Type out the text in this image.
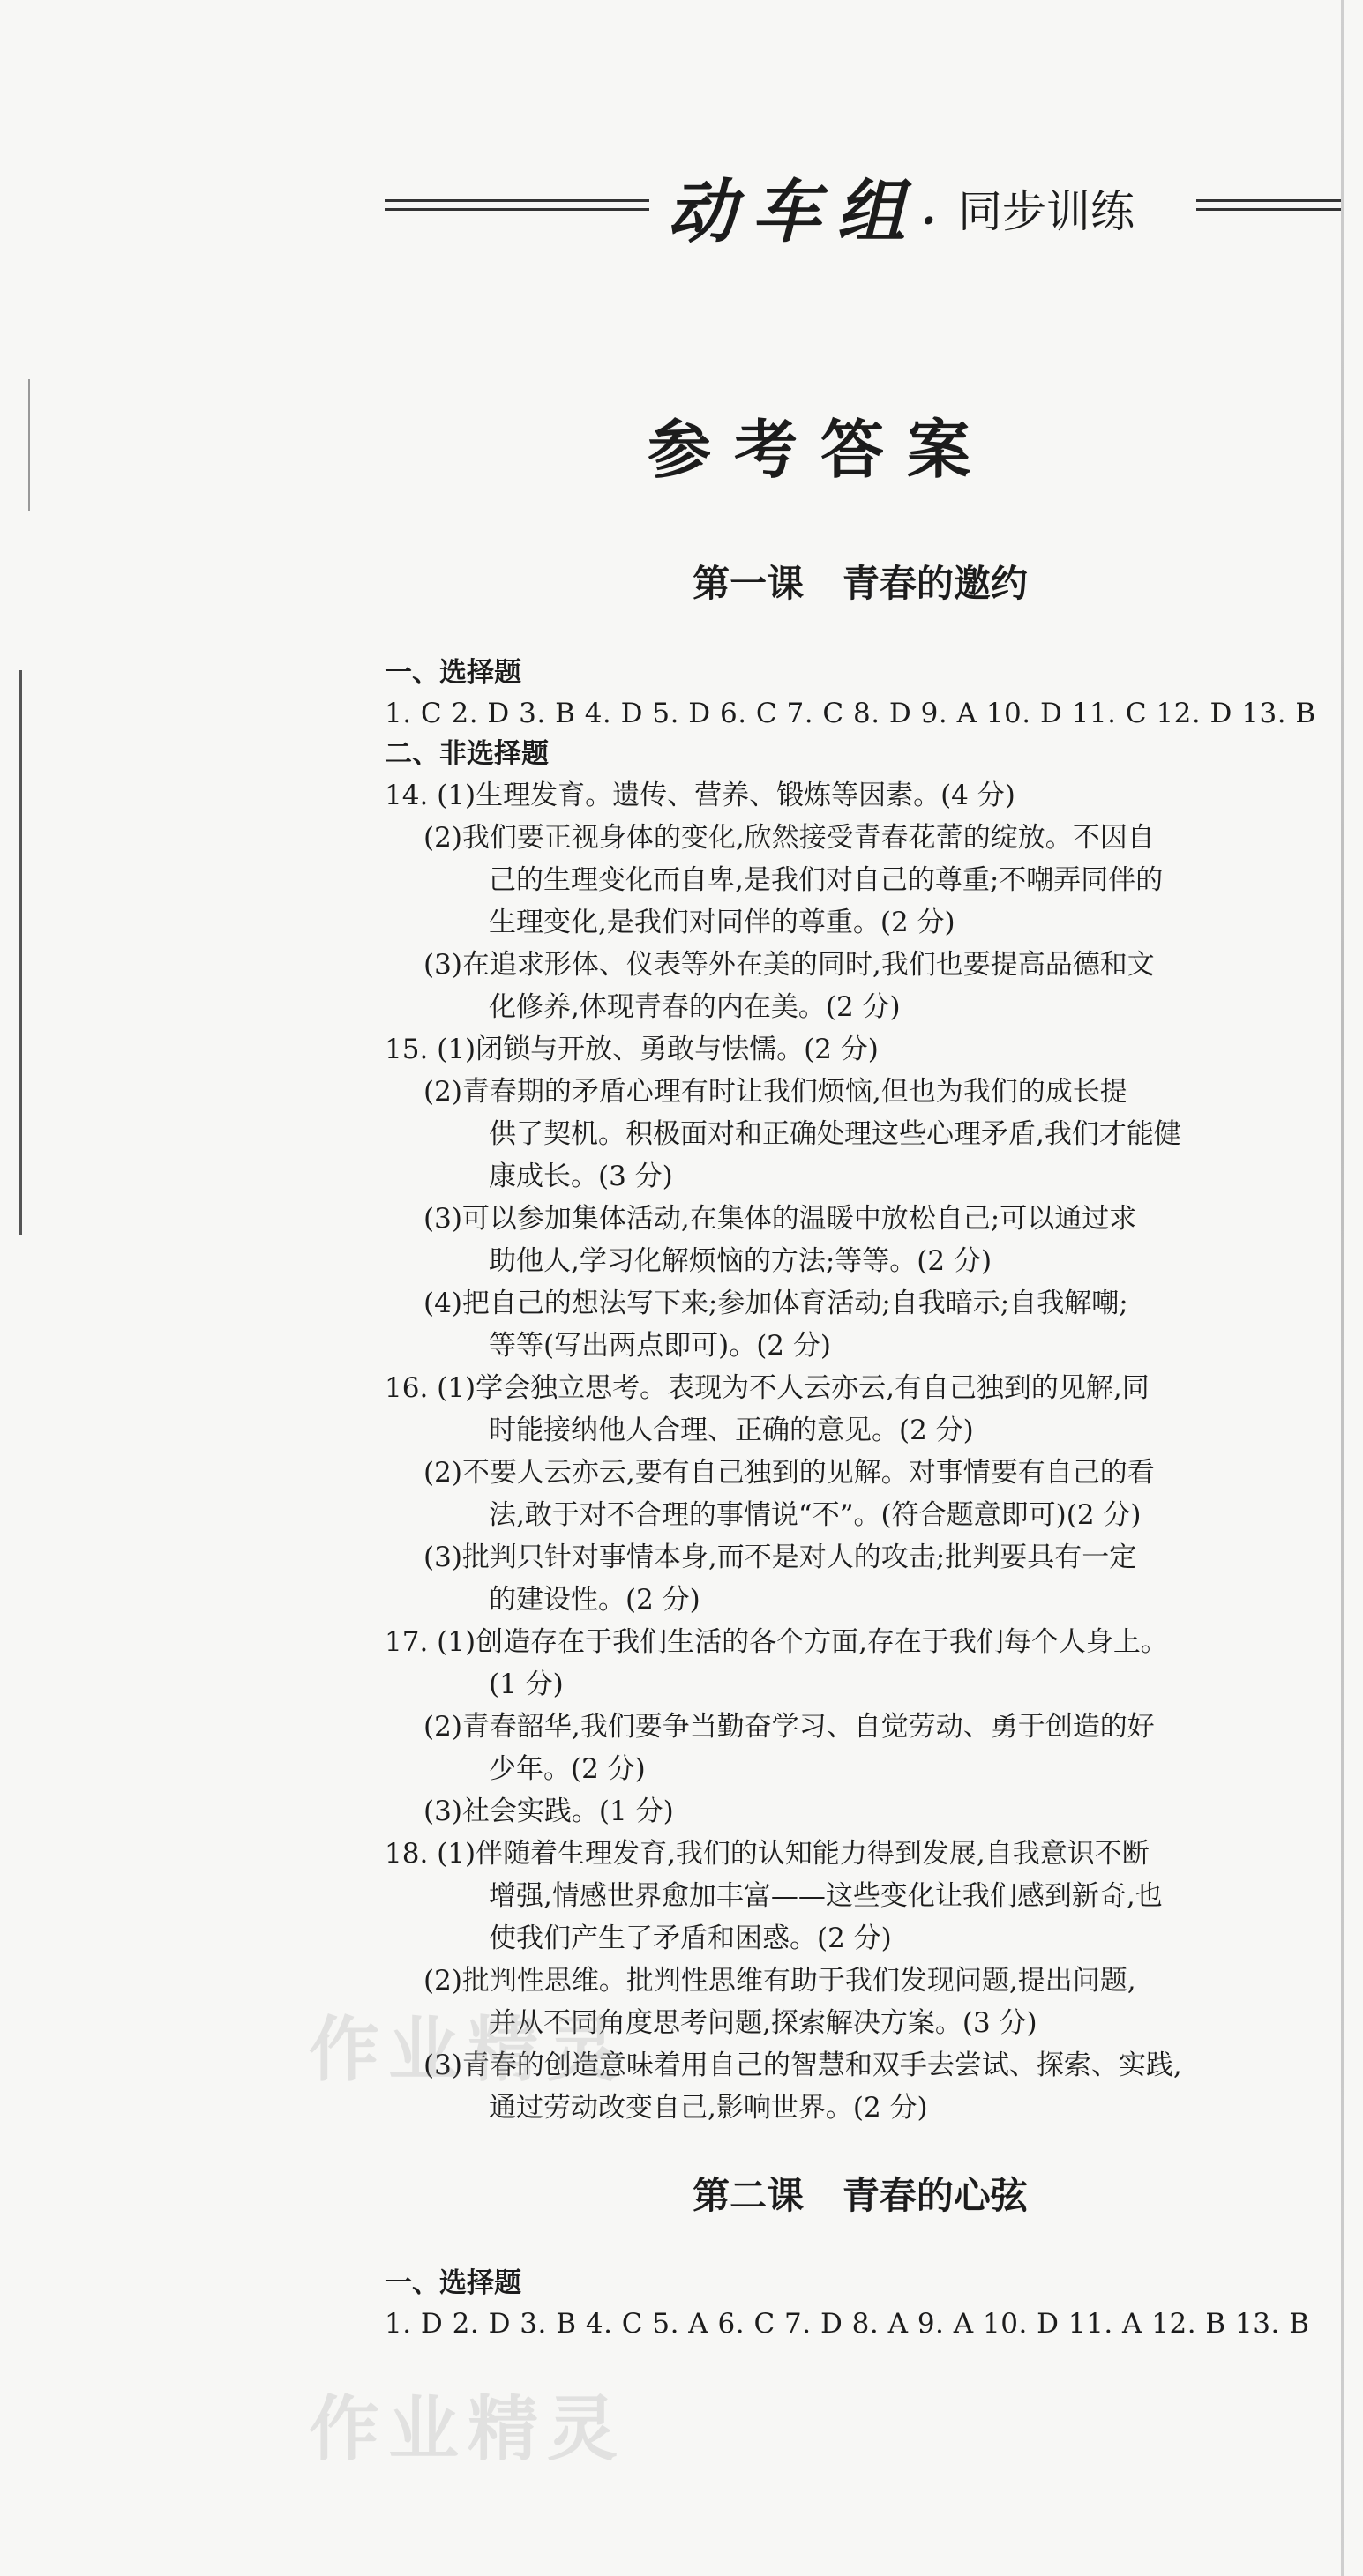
动车组· 同步训练
参考答案
第一课   青春的邀约
一、选择题
1. C 2. D 3. B 4. D 5. D 6. C 7. C 8. D 9. A 10. D 11. C 12. D 13. B
二、非选择题
14. (1)生理发育。遗传、营养、锻炼等因素。(4 分)
(2)我们要正视身体的变化,欣然接受青春花蕾的绽放。不因自
己的生理变化而自卑,是我们对自己的尊重;不嘲弄同伴的
生理变化,是我们对同伴的尊重。(2 分)
(3)在追求形体、仪表等外在美的同时,我们也要提高品德和文
化修养,体现青春的内在美。(2 分)
15. (1)闭锁与开放、勇敢与怯懦。(2 分)
(2)青春期的矛盾心理有时让我们烦恼,但也为我们的成长提
供了契机。积极面对和正确处理这些心理矛盾,我们才能健
康成长。(3 分)
(3)可以参加集体活动,在集体的温暖中放松自己;可以通过求
助他人,学习化解烦恼的方法;等等。(2 分)
(4)把自己的想法写下来;参加体育活动;自我暗示;自我解嘲;
等等(写出两点即可)。(2 分)
16. (1)学会独立思考。表现为不人云亦云,有自己独到的见解,同
时能接纳他人合理、正确的意见。(2 分)
(2)不要人云亦云,要有自己独到的见解。对事情要有自己的看
法,敢于对不合理的事情说“不”。(符合题意即可)(2 分)
(3)批判只针对事情本身,而不是对人的攻击;批判要具有一定
的建设性。(2 分)
17. (1)创造存在于我们生活的各个方面,存在于我们每个人身上。
(1 分)
(2)青春韶华,我们要争当勤奋学习、自觉劳动、勇于创造的好
少年。(2 分)
(3)社会实践。(1 分)
18. (1)伴随着生理发育,我们的认知能力得到发展,自我意识不断
增强,情感世界愈加丰富——这些变化让我们感到新奇,也
使我们产生了矛盾和困惑。(2 分)
(2)批判性思维。批判性思维有助于我们发现问题,提出问题,
并从不同角度思考问题,探索解决方案。(3 分)
(3)青春的创造意味着用自己的智慧和双手去尝试、探索、实践,
通过劳动改变自己,影响世界。(2 分)
第二课   青春的心弦
一、选择题
1. D 2. D 3. B 4. C 5. A 6. C 7. D 8. A 9. A 10. D 11. A 12. B 13. B
作业精灵
作业精灵
